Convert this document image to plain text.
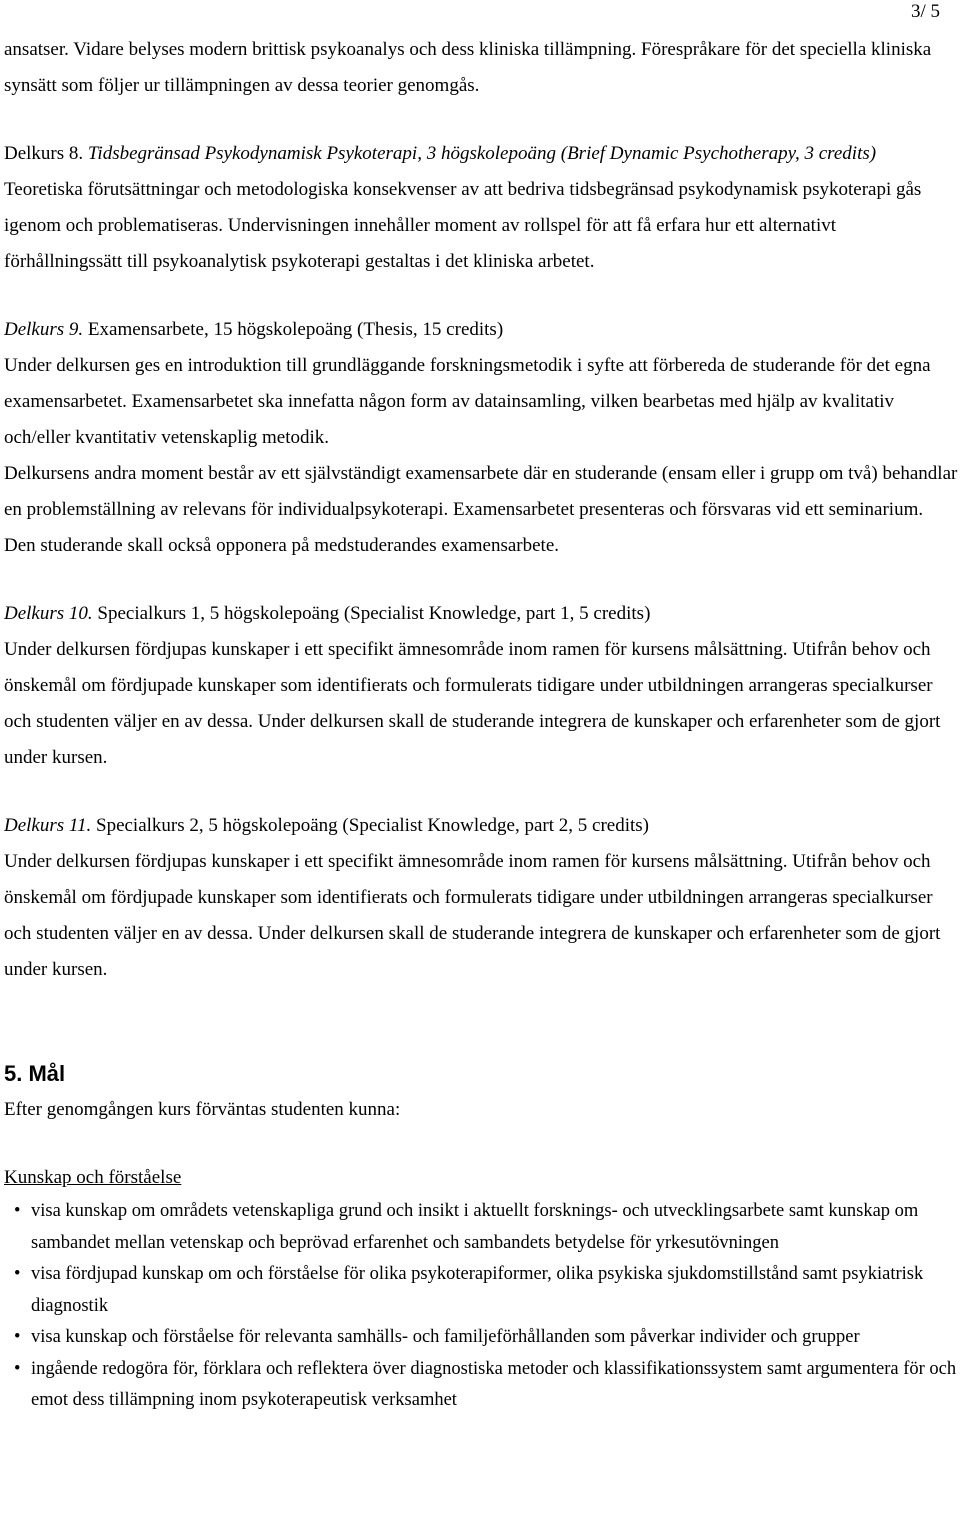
3/ 5

ansatser. Vidare belyses modern brittisk psykoanalys och dess kliniska tillämpning. Förespråkare för det speciella kliniska synsätt som följer ur tillämpningen av dessa teorier genomgås.

Delkurs 8. Tidsbegränsad Psykodynamisk Psykoterapi, 3 högskolepoäng (Brief Dynamic Psychotherapy, 3 credits)

Teoretiska förutsättningar och metodologiska konsekvenser av att bedriva tidsbegränsad psykodynamisk psykoterapi gås igenom och problematiseras. Undervisningen innehåller moment av rollspel för att få erfara hur ett alternativt förhållningssätt till psykoanalytisk psykoterapi gestaltas i det kliniska arbetet.

Delkurs 9. Examensarbete, 15 högskolepoäng (Thesis, 15 credits)

Under delkursen ges en introduktion till grundläggande forskningsmetodik i syfte att förbereda de studerande för det egna examensarbetet. Examensarbetet ska innefatta någon form av datainsamling, vilken bearbetas med hjälp av kvalitativ och/eller kvantitativ vetenskaplig metodik.

Delkursens andra moment består av ett självständigt examensarbete där en studerande (ensam eller i grupp om två) behandlar en problemställning av relevans för individualpsykoterapi. Examensarbetet presenteras och försvaras vid ett seminarium. Den studerande skall också opponera på medstuderandes examensarbete.

Delkurs 10. Specialkurs 1, 5 högskolepoäng (Specialist Knowledge, part 1, 5 credits)

Under delkursen fördjupas kunskaper i ett specifikt ämnesområde inom ramen för kursens målsättning. Utifrån behov och önskemål om fördjupade kunskaper som identifierats och formulerats tidigare under utbildningen arrangeras specialkurser och studenten väljer en av dessa. Under delkursen skall de studerande integrera de kunskaper och erfarenheter som de gjort under kursen.

Delkurs 11. Specialkurs 2, 5 högskolepoäng (Specialist Knowledge, part 2, 5 credits)

Under delkursen fördjupas kunskaper i ett specifikt ämnesområde inom ramen för kursens målsättning. Utifrån behov och önskemål om fördjupade kunskaper som identifierats och formulerats tidigare under utbildningen arrangeras specialkurser och studenten väljer en av dessa. Under delkursen skall de studerande integrera de kunskaper och erfarenheter som de gjort under kursen.

5. Mål

Efter genomgången kurs förväntas studenten kunna:

Kunskap och förståelse

• visa kunskap om områdets vetenskapliga grund och insikt i aktuellt forsknings- och utvecklingsarbete samt kunskap om sambandet mellan vetenskap och beprövad erfarenhet och sambandets betydelse för yrkesutövningen
• visa fördjupad kunskap om och förståelse för olika psykoterapiformer, olika psykiska sjukdomstillstånd samt psykiatrisk diagnostik
• visa kunskap och förståelse för relevanta samhälls- och familjeförhållanden som påverkar individer och grupper
• ingående redogöra för, förklara och reflektera över diagnostiska metoder och klassifikationssystem samt argumentera för och emot dess tillämpning inom psykoterapeutisk verksamhet
